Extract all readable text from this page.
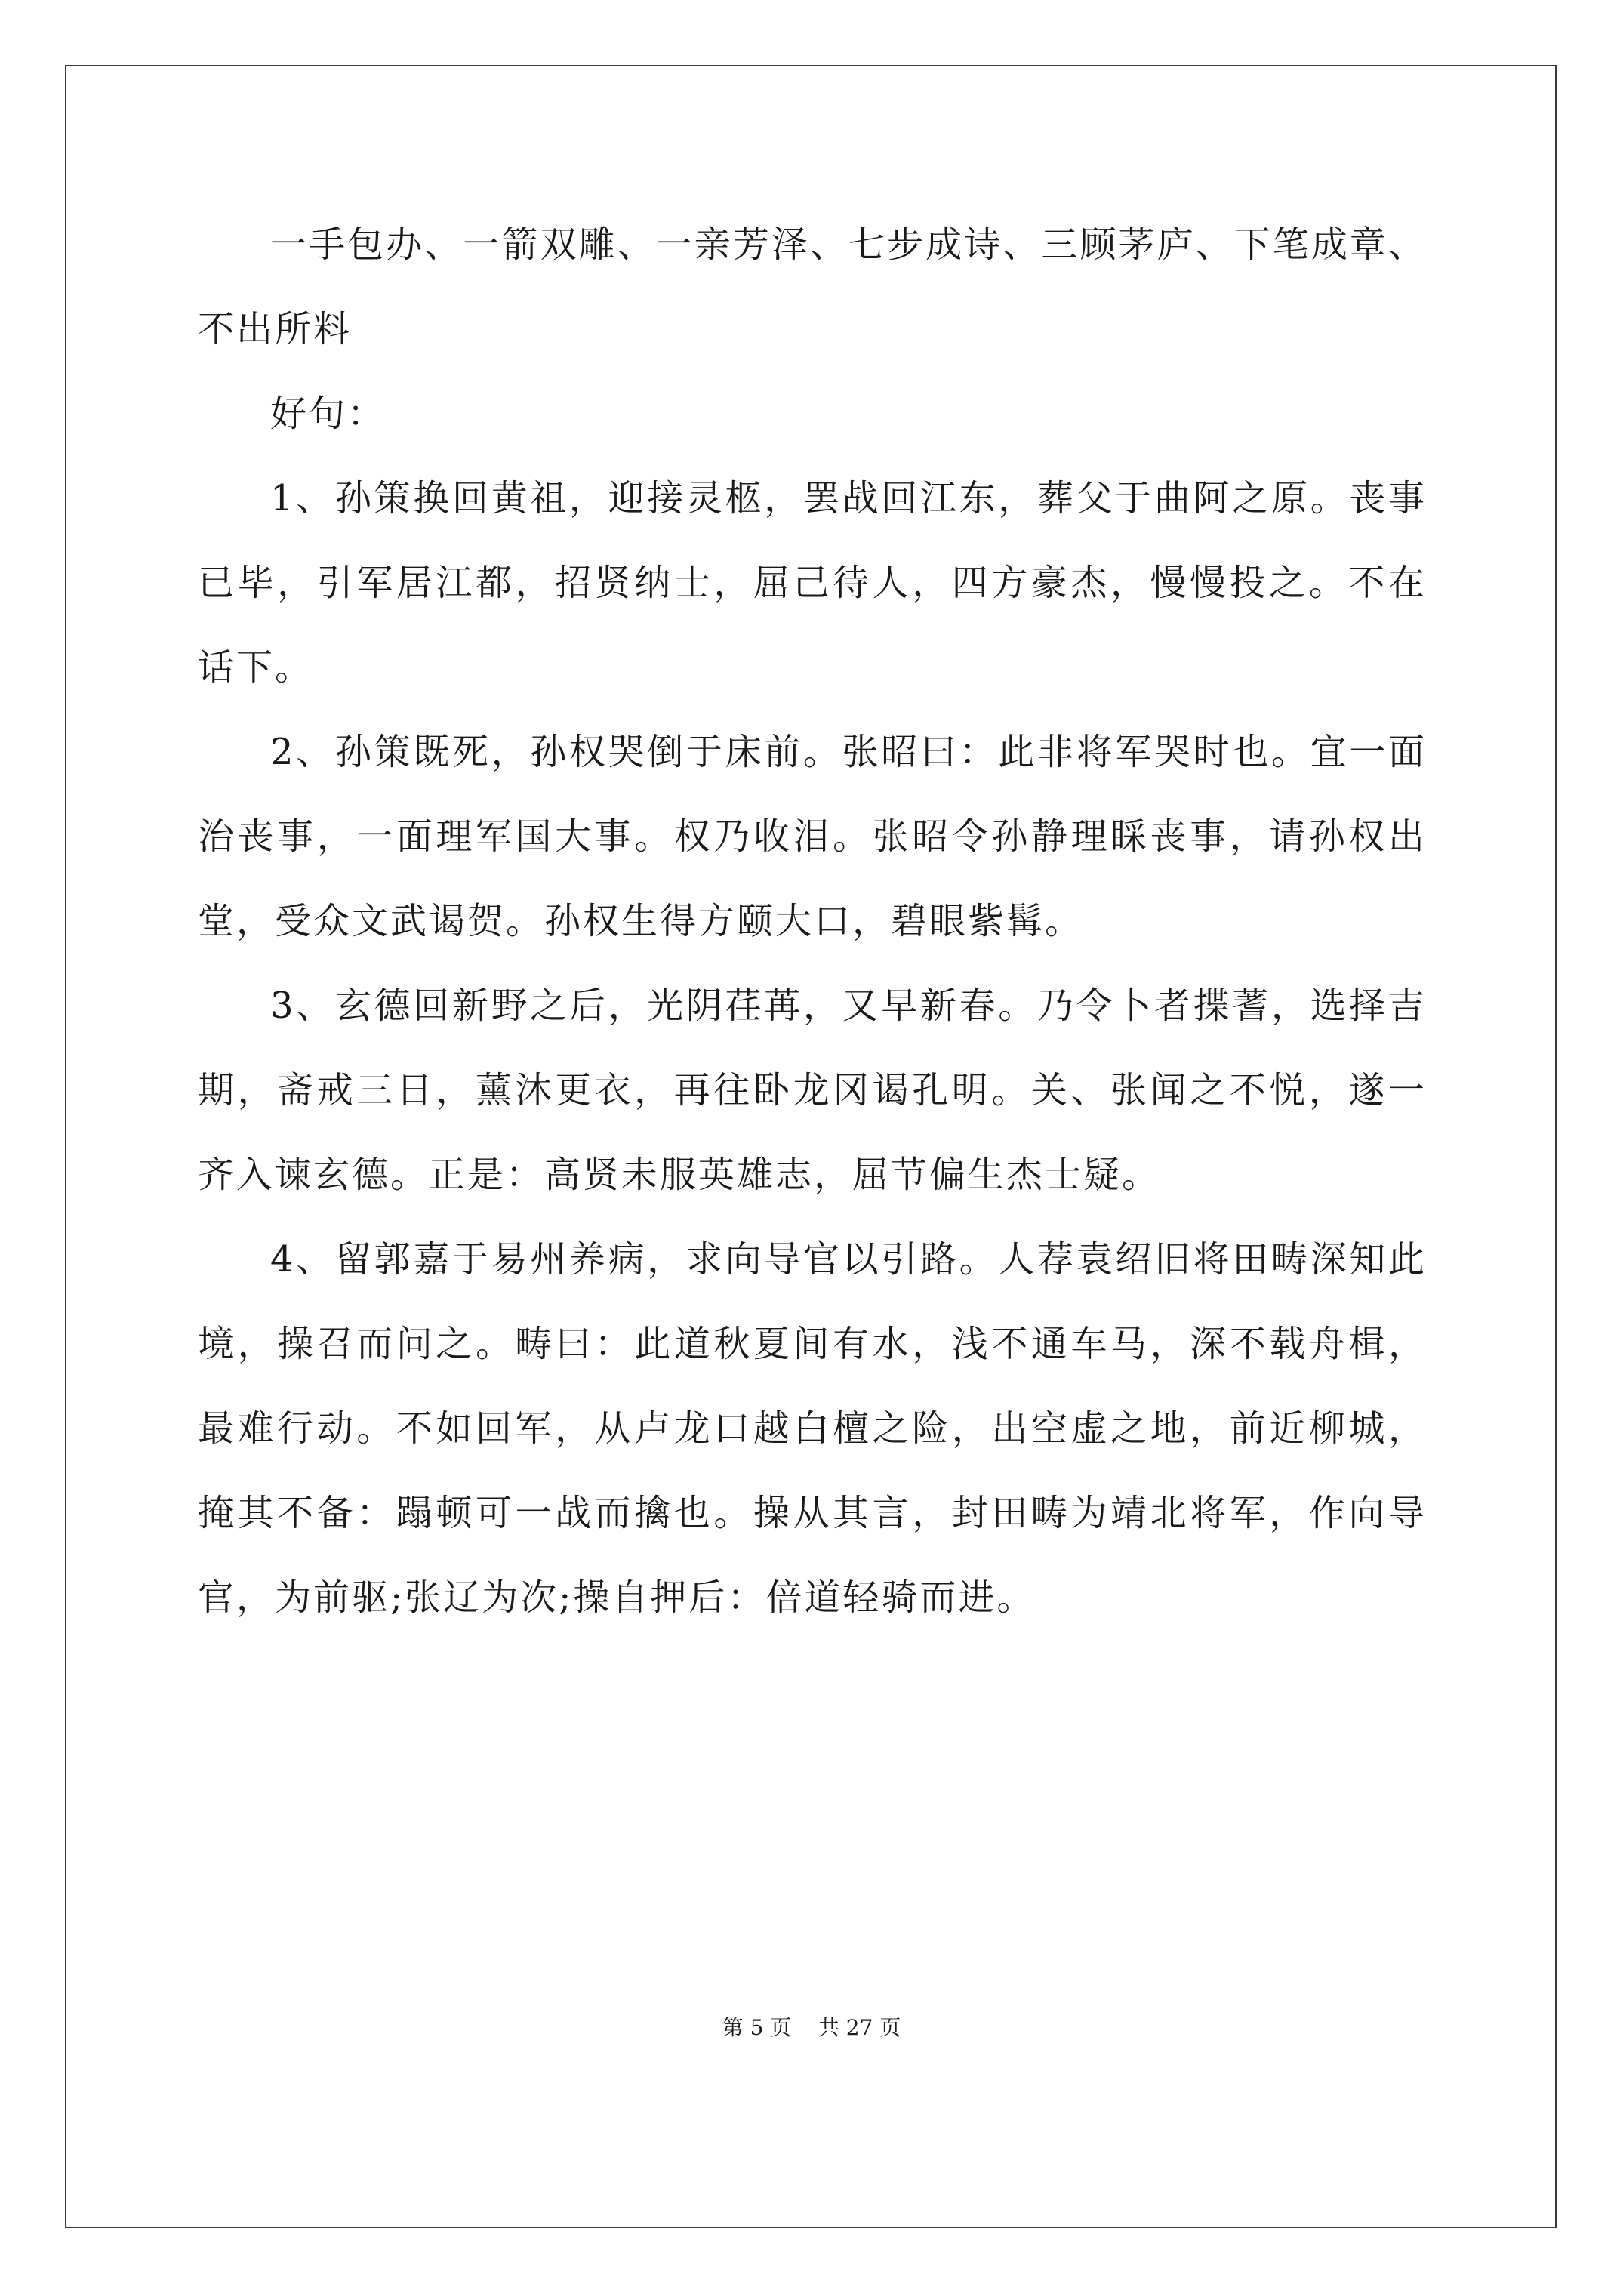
一手包办、一箭双雕、一亲芳泽、七步成诗、三顾茅庐、下笔成章、不出所料

好句：

1、孙策换回黄祖，迎接灵柩，罢战回江东，葬父于曲阿之原。丧事已毕，引军居江都，招贤纳士，屈己待人，四方豪杰，慢慢投之。不在话下。

2、孙策既死，孙权哭倒于床前。张昭曰：此非将军哭时也。宜一面治丧事，一面理军国大事。权乃收泪。张昭令孙静理睬丧事，请孙权出堂，受众文武谒贺。孙权生得方颐大口，碧眼紫髯。

3、玄德回新野之后，光阴荏苒，又早新春。乃令卜者揲蓍，选择吉期，斋戒三日，薰沐更衣，再往卧龙冈谒孔明。关、张闻之不悦，遂一齐入谏玄德。正是：高贤未服英雄志，屈节偏生杰士疑。

4、留郭嘉于易州养病，求向导官以引路。人荐袁绍旧将田畴深知此境，操召而问之。畴曰：此道秋夏间有水，浅不通车马，深不载舟楫，最难行动。不如回军，从卢龙口越白檀之险，出空虚之地，前近柳城，掩其不备：蹋顿可一战而擒也。操从其言，封田畴为靖北将军，作向导官，为前驱;张辽为次;操自押后：倍道轻骑而进。

第 5 页    共 27 页
